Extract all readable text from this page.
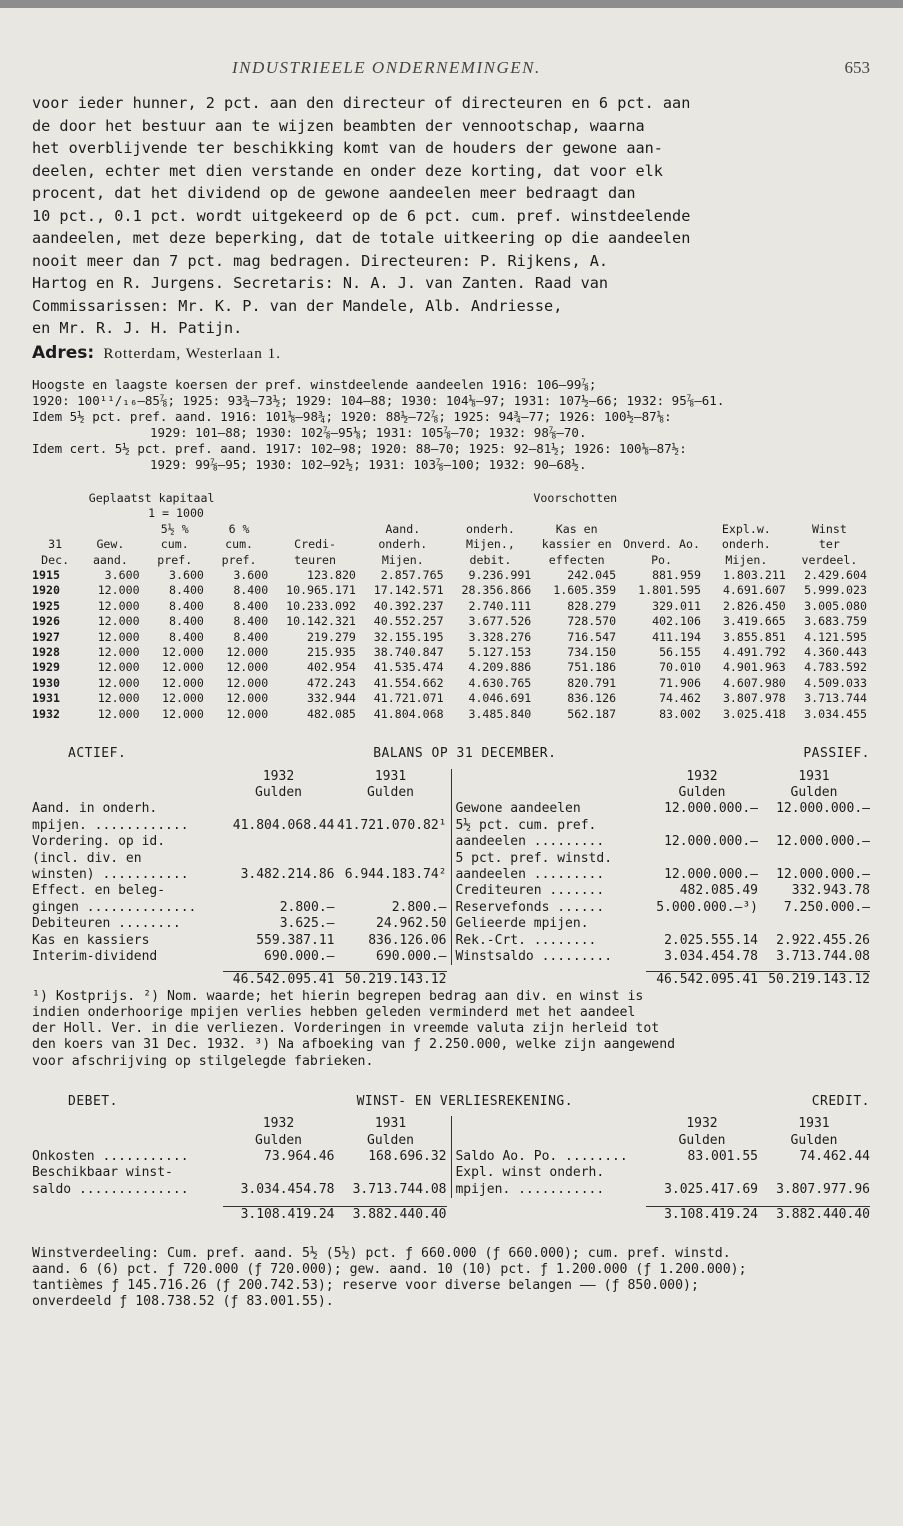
INDUSTRIEELE ONDERNEMINGEN.	653
voor ieder hunner, 2 pct. aan den directeur of directeuren en 6 pct. aan
de door het bestuur aan te wijzen beambten der vennootschap, waarna
het overblijvende ter beschikking komt van de houders der gewone aan-
deelen, echter met dien verstande en onder deze korting, dat voor elk
procent, dat het dividend op de gewone aandeelen meer bedraagt dan
10 pct., 0.1 pct. wordt uitgekeerd op de 6 pct. cum. pref. winstdeelende
aandeelen, met deze beperking, dat de totale uitkeering op die aandeelen
nooit meer dan 7 pct. mag bedragen. Directeuren: P. Rijkens, A.
Hartog en R. Jurgens. Secretaris: N. A. J. van Zanten. Raad van
Commissarissen: Mr. K. P. van der Mandele, Alb. Andriesse,
en Mr. R. J. H. Patijn.
Adres: Rotterdam, Westerlaan 1.
Hoogste en laagste koersen der pref. winstdeelende aandeelen 1916: 106—99⅞;
1920: 100¹¹/₁₆—85⅞; 1925: 93¾—73½; 1929: 104—88; 1930: 104⅛—97; 1931: 107½—66; 1932: 95⅞—61.
Idem 5½ pct. pref. aand. 1916: 101⅛—98¾; 1920: 88½—72⅞; 1925: 94¾—77; 1926: 100½—87⅛:
1929: 101—88; 1930: 102⅞—95⅛; 1931: 105⅞—70; 1932: 98⅞—70.
Idem cert. 5½ pct. pref. aand. 1917: 102—98; 1920: 88—70; 1925: 92—81½; 1926: 100⅛—87½:
1929: 99⅞—95; 1930: 102—92½; 1931: 103⅞—100; 1932: 90—68½.
Geplaatst kapitaal						Voorschotten				
1 = 1000										
		5½ %	6 %		Aand.	onderh.	Kas en		Expl.w.	Winst
31 Dec.	Gew. aand.	cum. pref.	cum. pref.	Credi- teuren	onderh. Mijen.	Mijen., debit.	kassier en effecten	Onverd. Ao. Po.	onderh. Mijen.	ter verdeel.
1915	3.600	3.600	3.600	123.820	2.857.765	9.236.991	242.045	881.959	1.803.211	2.429.604
1920	12.000	8.400	8.400	10.965.171	17.142.571	28.356.866	1.605.359	1.801.595	4.691.607	5.999.023
1925	12.000	8.400	8.400	10.233.092	40.392.237	2.740.111	828.279	329.011	2.826.450	3.005.080
1926	12.000	8.400	8.400	10.142.321	40.552.257	3.677.526	728.570	402.106	3.419.665	3.683.759
1927	12.000	8.400	8.400	219.279	32.155.195	3.328.276	716.547	411.194	3.855.851	4.121.595
1928	12.000	12.000	12.000	215.935	38.740.847	5.127.153	734.150	56.155	4.491.792	4.360.443
1929	12.000	12.000	12.000	402.954	41.535.474	4.209.886	751.186	70.010	4.901.963	4.783.592
1930	12.000	12.000	12.000	472.243	41.554.662	4.630.765	820.791	71.906	4.607.980	4.509.033
1931	12.000	12.000	12.000	332.944	41.721.071	4.046.691	836.126	74.462	3.807.978	3.713.744
1932	12.000	12.000	12.000	482.085	41.804.068	3.485.840	562.187	83.002	3.025.418	3.034.455
ACTIEF.	BALANS OP 31 DECEMBER.	PASSIEF.
1932	1931
Gulden	Gulden
Aand. in onderh.
mpijen. ............	41.804.068.44 41.721.070.82¹
Vordering. op id.
(incl. div. en
winsten) ...........	3.482.214.86 6.944.183.74²
Effect. en beleg-
gingen ..............	2.800.—	2.800.—
Debiteuren ........	3.625.—	24.962.50
Kas en kassiers	559.387.11	836.126.06
Interim-dividend	690.000.—	690.000.—
1932	1931
Gulden	Gulden
Gewone aandeelen	12.000.000.—	12.000.000.—
5½ pct. cum. pref.
aandeelen .........	12.000.000.—	12.000.000.—
5 pct. pref. winstd.
aandeelen .........	12.000.000.—	12.000.000.—
Crediteuren .......	482.085.49	332.943.78
Reservefonds ......	5.000.000.—³)	7.250.000.—
Gelieerde mpijen.
Rek.-Crt. ........	2.025.555.14	2.922.455.26
Winstsaldo .........	3.034.454.78	3.713.744.08
46.542.095.41 50.219.143.12	46.542.095.41 50.219.143.12
¹) Kostprijs. ²) Nom. waarde; het hierin begrepen bedrag aan div. en winst is
indien onderhoorige mpijen verlies hebben geleden verminderd met het aandeel
der Holl. Ver. in die verliezen. Vorderingen in vreemde valuta zijn herleid tot
den koers van 31 Dec. 1932. ³) Na afboeking van ƒ 2.250.000, welke zijn aangewend
voor afschrijving op stilgelegde fabrieken.
DEBET.	WINST- EN VERLIESREKENING.	CREDIT.
1932	1931
Gulden	Gulden
Onkosten ...........	73.964.46	168.696.32
Beschikbaar winst-
saldo ..............	3.034.454.78	3.713.744.08
1932	1931
Gulden	Gulden
Saldo Ao. Po. ........	83.001.55	74.462.44
Expl. winst onderh.
mpijen. ...........	3.025.417.69	3.807.977.96
3.108.419.24	3.882.440.40	3.108.419.24	3.882.440.40
Winstverdeeling: Cum. pref. aand. 5½ (5½) pct. ƒ 660.000 (ƒ 660.000); cum. pref. winstd.
aand. 6 (6) pct. ƒ 720.000 (ƒ 720.000); gew. aand. 10 (10) pct. ƒ 1.200.000 (ƒ 1.200.000);
tantièmes ƒ 145.716.26 (ƒ 200.742.53); reserve voor diverse belangen —— (ƒ 850.000);
onverdeeld ƒ 108.738.52 (ƒ 83.001.55).
